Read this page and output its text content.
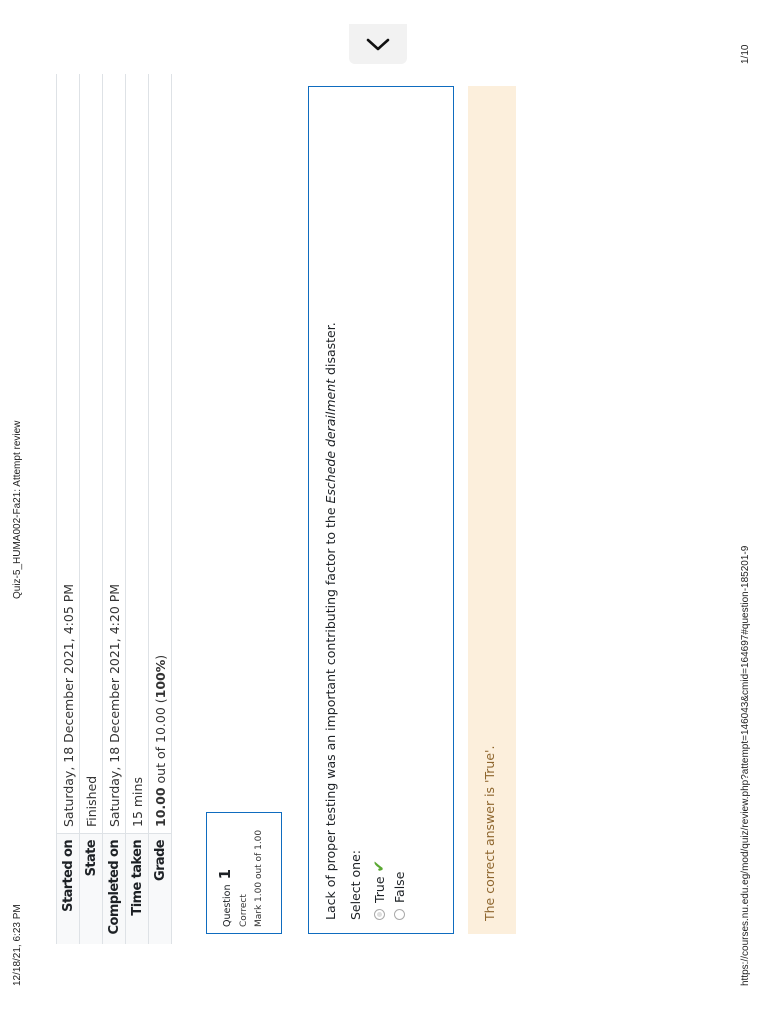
12/18/21, 6:23 PM
Quiz-5_HUMA002-Fa21: Attempt review
Started on	Saturday, 18 December 2021, 4:05 PM
State	Finished
Completed on	Saturday, 18 December 2021, 4:20 PM
Time taken	15 mins
Grade	10.00 out of 10.00 (100%)
Question 1
Correct Mark 1.00 out of 1.00	Lack of proper testing was an important contributing factor to the Eschede derailment disaster.
Select one: True
✔
False	The correct answer is 'True'.	https://courses.nu.edu.eg/mod/quiz/review.php?attempt=146043&cmid=164697#question-185201-9
1/10
